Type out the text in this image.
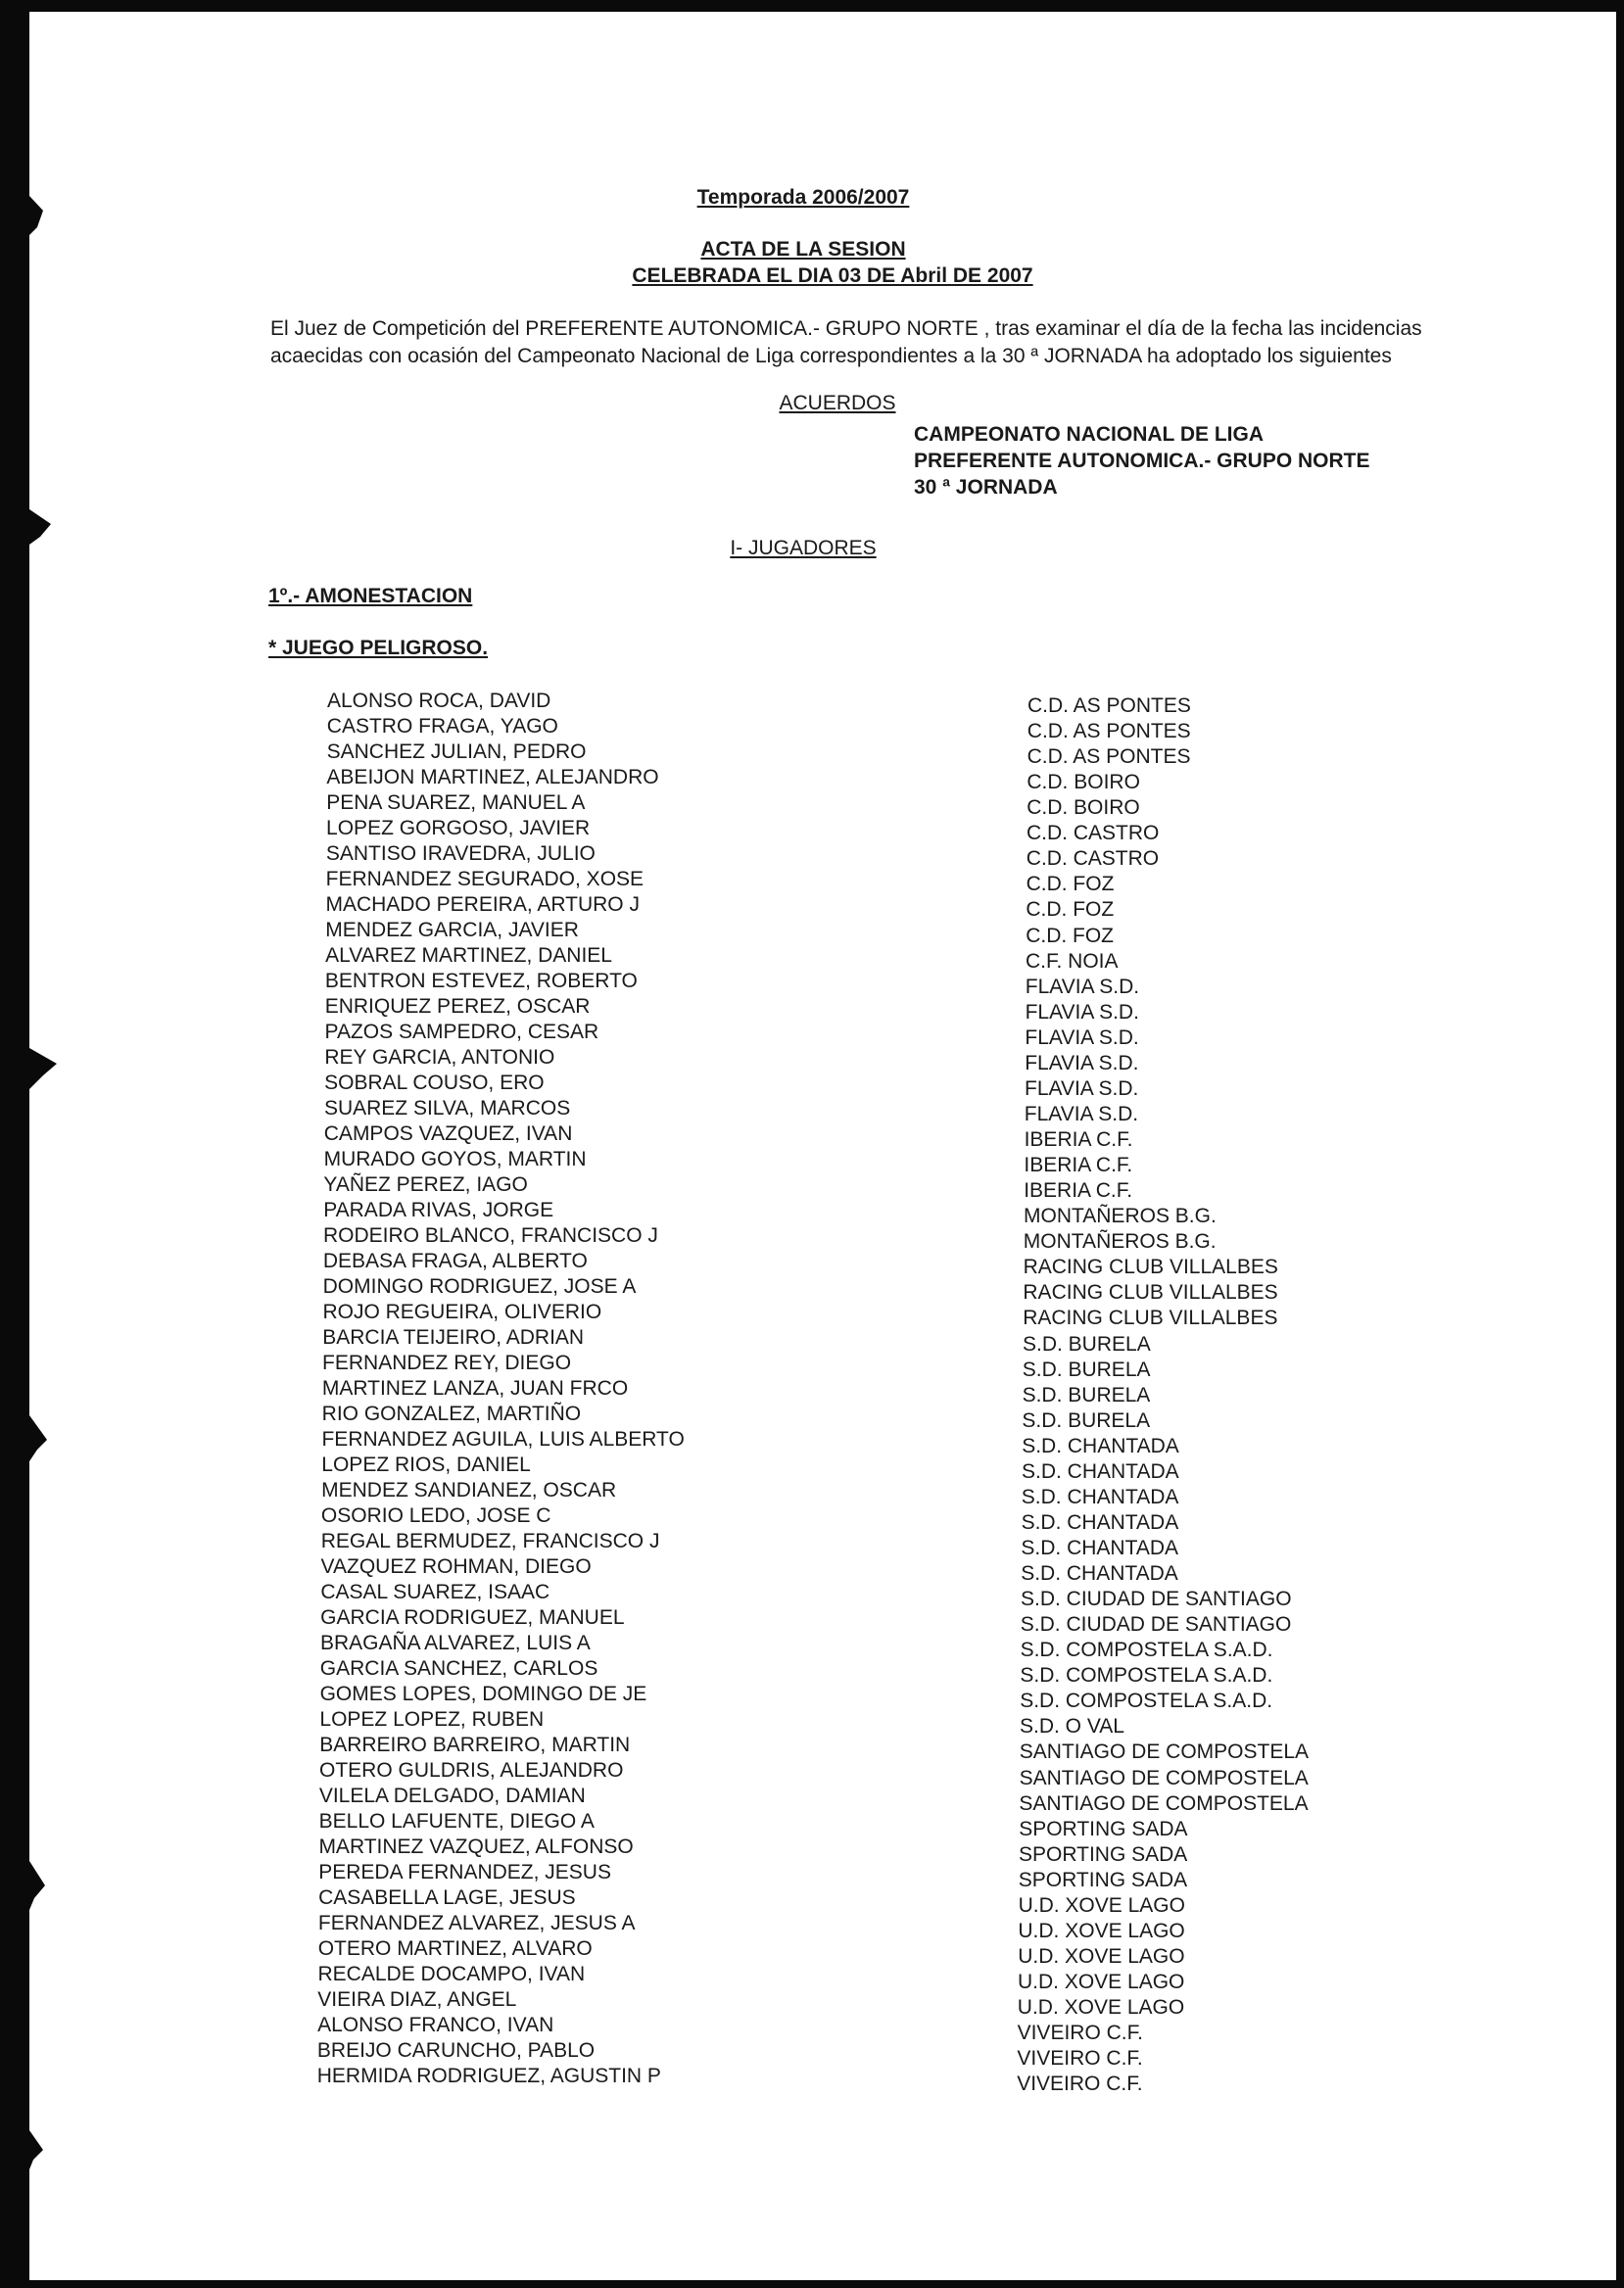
Temporada 2006/2007
ACTA DE LA SESION
CELEBRADA EL DIA 03 DE Abril DE 2007
El Juez de Competición del PREFERENTE AUTONOMICA.- GRUPO NORTE , tras examinar el día de la fecha las incidencias acaecidas con ocasión del Campeonato Nacional de Liga correspondientes a la 30 ª JORNADA ha adoptado los siguientes
ACUERDOS
CAMPEONATO NACIONAL DE LIGA
PREFERENTE AUTONOMICA.- GRUPO NORTE
30 ª JORNADA
I- JUGADORES
1º.- AMONESTACION
* JUEGO PELIGROSO.
ALONSO ROCA, DAVID	C.D. AS PONTES
CASTRO FRAGA, YAGO	C.D. AS PONTES
SANCHEZ JULIAN, PEDRO	C.D. AS PONTES
ABEIJON MARTINEZ, ALEJANDRO	C.D. BOIRO
PENA SUAREZ, MANUEL A	C.D. BOIRO
LOPEZ GORGOSO, JAVIER	C.D. CASTRO
SANTISO IRAVEDRA, JULIO	C.D. CASTRO
FERNANDEZ SEGURADO, XOSE	C.D. FOZ
MACHADO PEREIRA, ARTURO J	C.D. FOZ
MENDEZ GARCIA, JAVIER	C.D. FOZ
ALVAREZ MARTINEZ, DANIEL	C.F. NOIA
BENTRON ESTEVEZ, ROBERTO	FLAVIA S.D.
ENRIQUEZ PEREZ, OSCAR	FLAVIA S.D.
PAZOS SAMPEDRO, CESAR	FLAVIA S.D.
REY GARCIA, ANTONIO	FLAVIA S.D.
SOBRAL COUSO, ERO	FLAVIA S.D.
SUAREZ SILVA, MARCOS	FLAVIA S.D.
CAMPOS VAZQUEZ, IVAN	IBERIA C.F.
MURADO GOYOS, MARTIN	IBERIA C.F.
YAÑEZ PEREZ, IAGO	IBERIA C.F.
PARADA RIVAS, JORGE	MONTAÑEROS B.G.
RODEIRO BLANCO, FRANCISCO J	MONTAÑEROS B.G.
DEBASA FRAGA, ALBERTO	RACING CLUB VILLALBES
DOMINGO RODRIGUEZ, JOSE A	RACING CLUB VILLALBES
ROJO REGUEIRA, OLIVERIO	RACING CLUB VILLALBES
BARCIA TEIJEIRO, ADRIAN	S.D. BURELA
FERNANDEZ REY, DIEGO	S.D. BURELA
MARTINEZ LANZA, JUAN FRCO	S.D. BURELA
RIO GONZALEZ, MARTIÑO	S.D. BURELA
FERNANDEZ AGUILA, LUIS ALBERTO	S.D. CHANTADA
LOPEZ RIOS, DANIEL	S.D. CHANTADA
MENDEZ SANDIANEZ, OSCAR	S.D. CHANTADA
OSORIO LEDO, JOSE C	S.D. CHANTADA
REGAL BERMUDEZ, FRANCISCO J	S.D. CHANTADA
VAZQUEZ ROHMAN, DIEGO	S.D. CHANTADA
CASAL SUAREZ, ISAAC	S.D. CIUDAD DE SANTIAGO
GARCIA RODRIGUEZ, MANUEL	S.D. CIUDAD DE SANTIAGO
BRAGAÑA ALVAREZ, LUIS A	S.D. COMPOSTELA S.A.D.
GARCIA SANCHEZ, CARLOS	S.D. COMPOSTELA S.A.D.
GOMES LOPES, DOMINGO DE JE	S.D. COMPOSTELA S.A.D.
LOPEZ LOPEZ, RUBEN	S.D. O VAL
BARREIRO BARREIRO, MARTIN	SANTIAGO DE COMPOSTELA
OTERO GULDRIS, ALEJANDRO	SANTIAGO DE COMPOSTELA
VILELA DELGADO, DAMIAN	SANTIAGO DE COMPOSTELA
BELLO LAFUENTE, DIEGO A	SPORTING SADA
MARTINEZ VAZQUEZ, ALFONSO	SPORTING SADA
PEREDA FERNANDEZ, JESUS	SPORTING SADA
CASABELLA LAGE, JESUS	U.D. XOVE LAGO
FERNANDEZ ALVAREZ, JESUS A	U.D. XOVE LAGO
OTERO MARTINEZ, ALVARO	U.D. XOVE LAGO
RECALDE DOCAMPO, IVAN	U.D. XOVE LAGO
VIEIRA DIAZ, ANGEL	U.D. XOVE LAGO
ALONSO FRANCO, IVAN	VIVEIRO C.F.
BREIJO CARUNCHO, PABLO	VIVEIRO C.F.
HERMIDA RODRIGUEZ, AGUSTIN P	VIVEIRO C.F.
